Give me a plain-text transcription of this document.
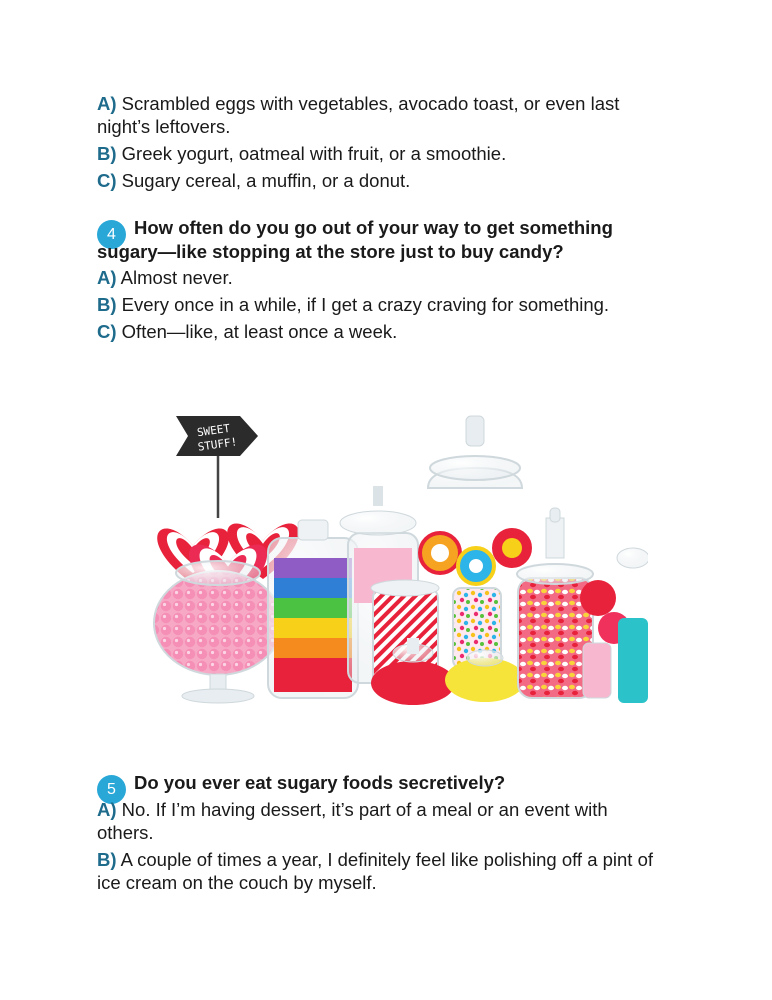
A) Scrambled eggs with vegetables, avocado toast, or even last

night’s leftovers.

B) Greek yogurt, oatmeal with fruit, or a smoothie.

C) Sugary cereal, a muffin, or a donut.

4 How often do you go out of your way to get something

sugary—like stopping at the store just to buy candy?

A) Almost never.

B) Every once in a while, if I get a crazy craving for something.

C) Often—like, at least once a week.

SWEET
STUFF!

5 Do you ever eat sugary foods secretively?

A) No. If I’m having dessert, it’s part of a meal or an event with

others.

B) A couple of times a year, I definitely feel like polishing off a pint of

ice cream on the couch by myself.
